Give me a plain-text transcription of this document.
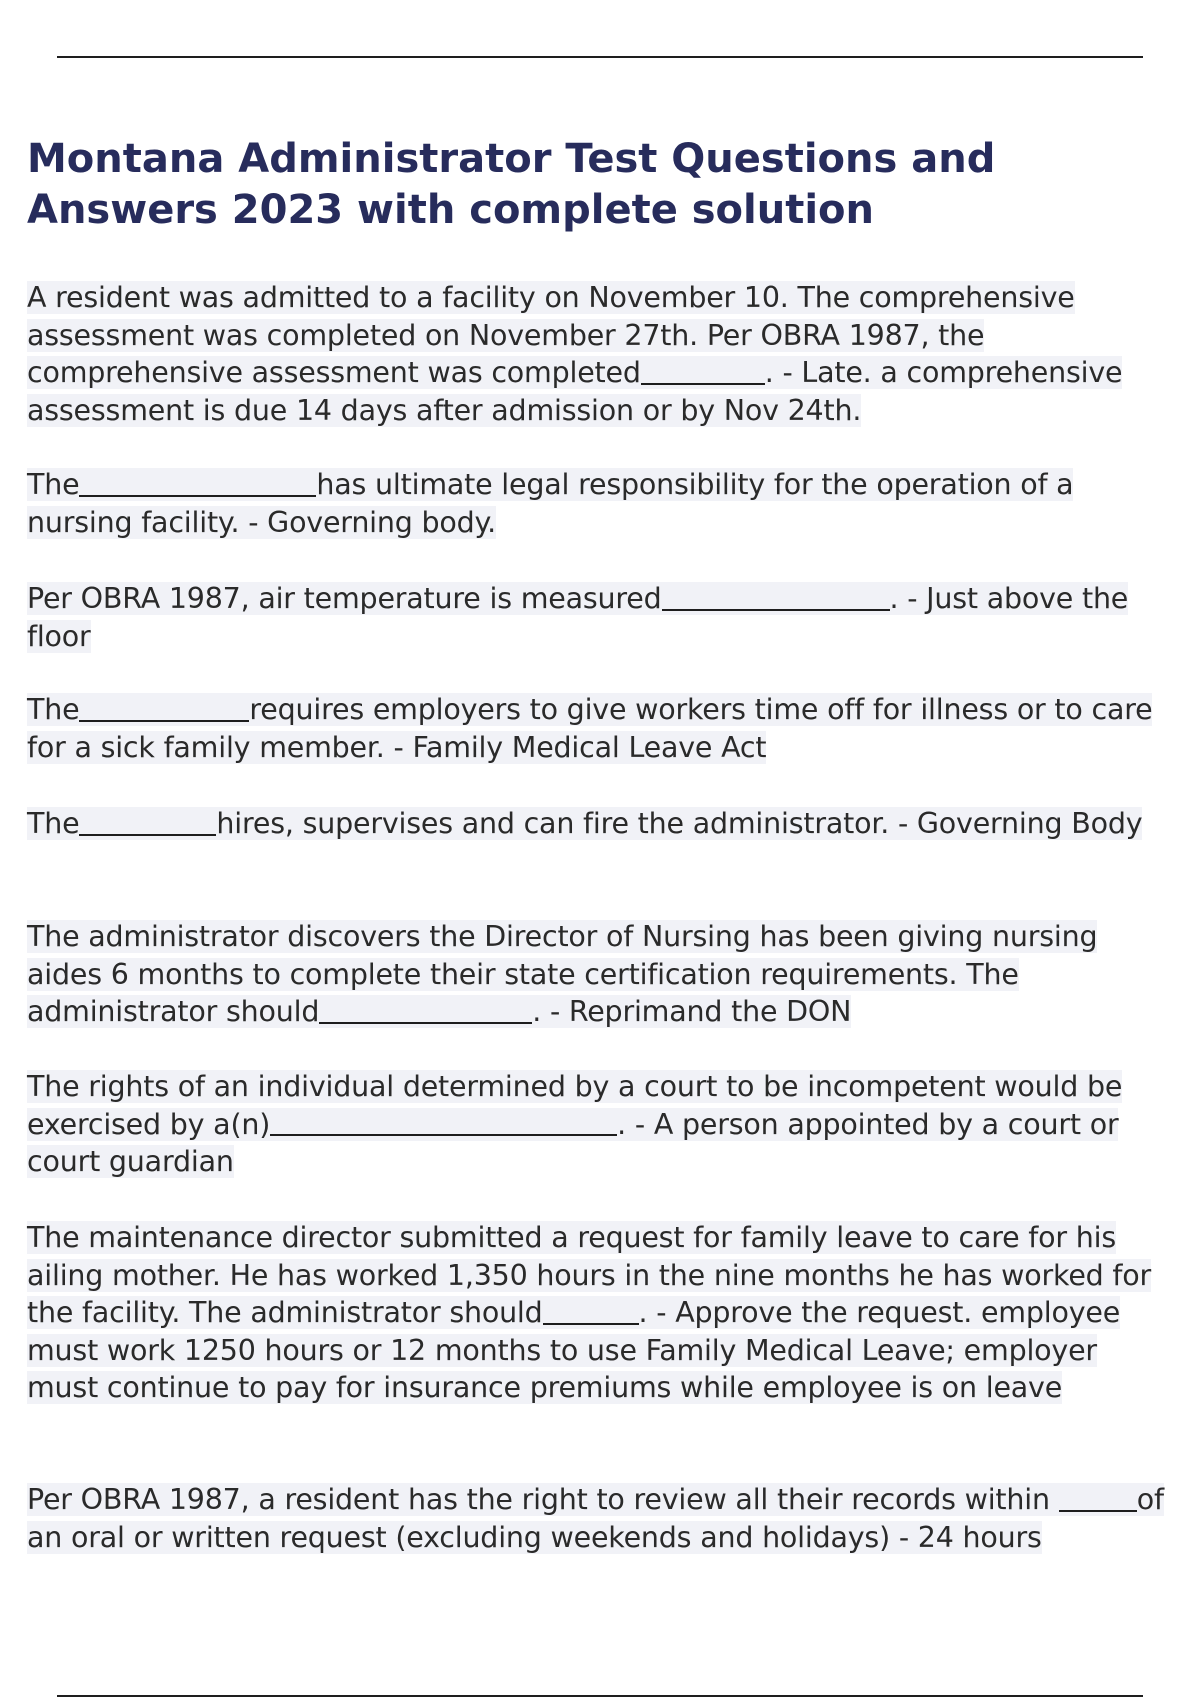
Montana Administrator Test Questions and Answers 2023 with complete solution

A resident was admitted to a facility on November 10. The comprehensive assessment was completed on November 27th. Per OBRA 1987, the comprehensive assessment was completed	. - Late. a comprehensive assessment is due 14 days after admission or by Nov 24th.

The	has ultimate legal responsibility for the operation of a nursing facility. - Governing body.

Per OBRA 1987, air temperature is measured	. - Just above the floor

The	requires employers to give workers time off for illness or to care for a sick family member. - Family Medical Leave Act

The	hires, supervises and can fire the administrator. - Governing Body

The administrator discovers the Director of Nursing has been giving nursing aides 6 months to complete their state certification requirements. The administrator should	. - Reprimand the DON

The rights of an individual determined by a court to be incompetent would be exercised by a(n)	. - A person appointed by a court or court guardian

The maintenance director submitted a request for family leave to care for his ailing mother. He has worked 1,350 hours in the nine months he has worked for the facility. The administrator should	. - Approve the request. employee must work 1250 hours or 12 months to use Family Medical Leave; employer must continue to pay for insurance premiums while employee is on leave

Per OBRA 1987, a resident has the right to review all their records within	of an oral or written request (excluding weekends and holidays) - 24 hours
